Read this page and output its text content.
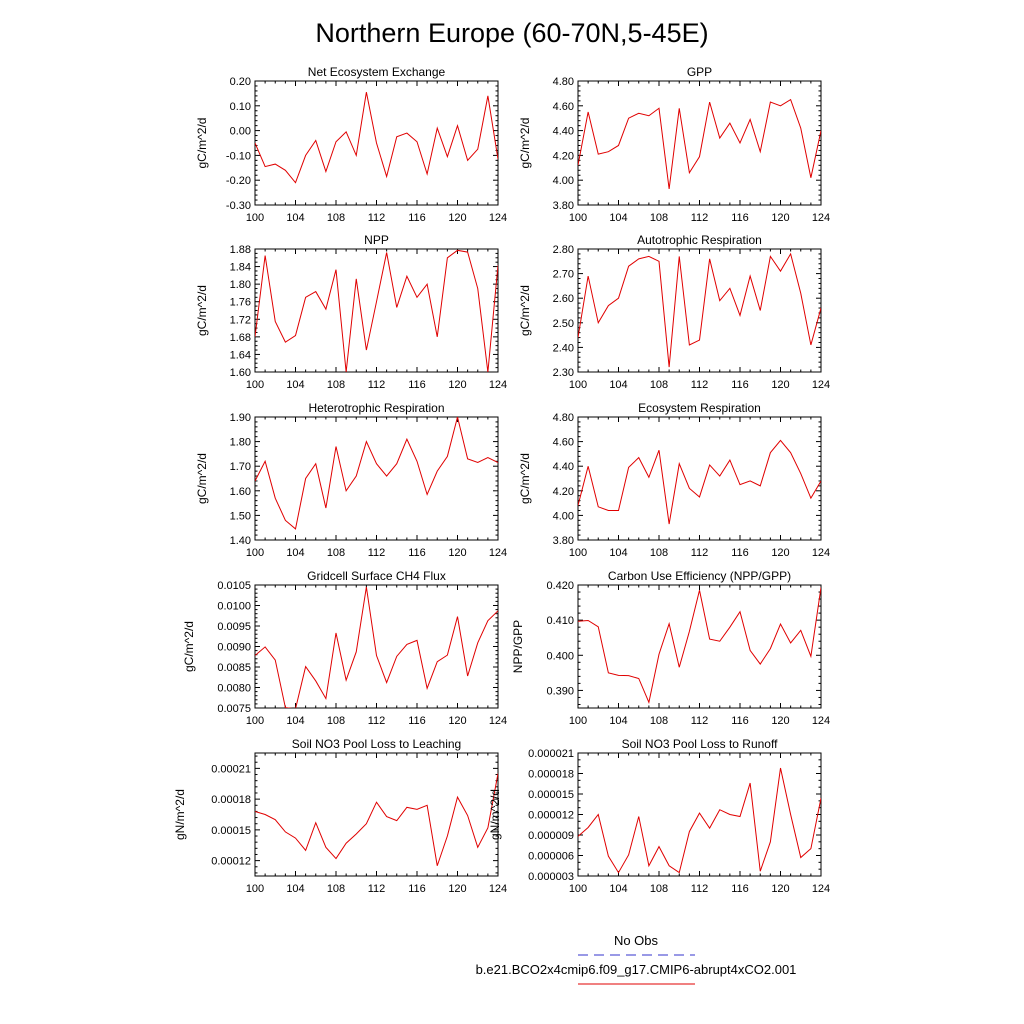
Northern Europe (60-70N,5-45E)
Net Ecosystem Exchange
gC/m^2/d
100 104 108 112 116 120 124
-0.30
-0.20
-0.10
0.00
0.10
0.20
GPP
gC/m^2/d
100 104 108 112 116 120 124
3.80
4.00
4.20
4.40
4.60
4.80
NPP
gC/m^2/d
100 104 108 112 116 120 124
1.60
1.64
1.68
1.72
1.76
1.80
1.84
1.88
Autotrophic Respiration
gC/m^2/d
100 104 108 112 116 120 124
2.30
2.40
2.50
2.60
2.70
2.80
Heterotrophic Respiration
gC/m^2/d
100 104 108 112 116 120 124
1.40
1.50
1.60
1.70
1.80
1.90
Ecosystem Respiration
gC/m^2/d
100 104 108 112 116 120 124
3.80
4.00
4.20
4.40
4.60
4.80
Gridcell Surface CH4 Flux
gC/m^2/d
100 104 108 112 116 120 124
0.0075
0.0080
0.0085
0.0090
0.0095
0.0100
0.0105
Carbon Use Efficiency (NPP/GPP)
NPP/GPP
100 104 108 112 116 120 124
0.390
0.400
0.410
0.420
Soil NO3 Pool Loss to Leaching
gN/m^2/d
100 104 108 112 116 120 124
0.00012
0.00015
0.00018
0.00021
Soil NO3 Pool Loss to Runoff
gN/m^2/d
100 104 108 112 116 120 124
0.000003
0.000006
0.000009
0.000012
0.000015
0.000018
0.000021
No Obs
b.e21.BCO2x4cmip6.f09_g17.CMIP6-abrupt4xCO2.001
